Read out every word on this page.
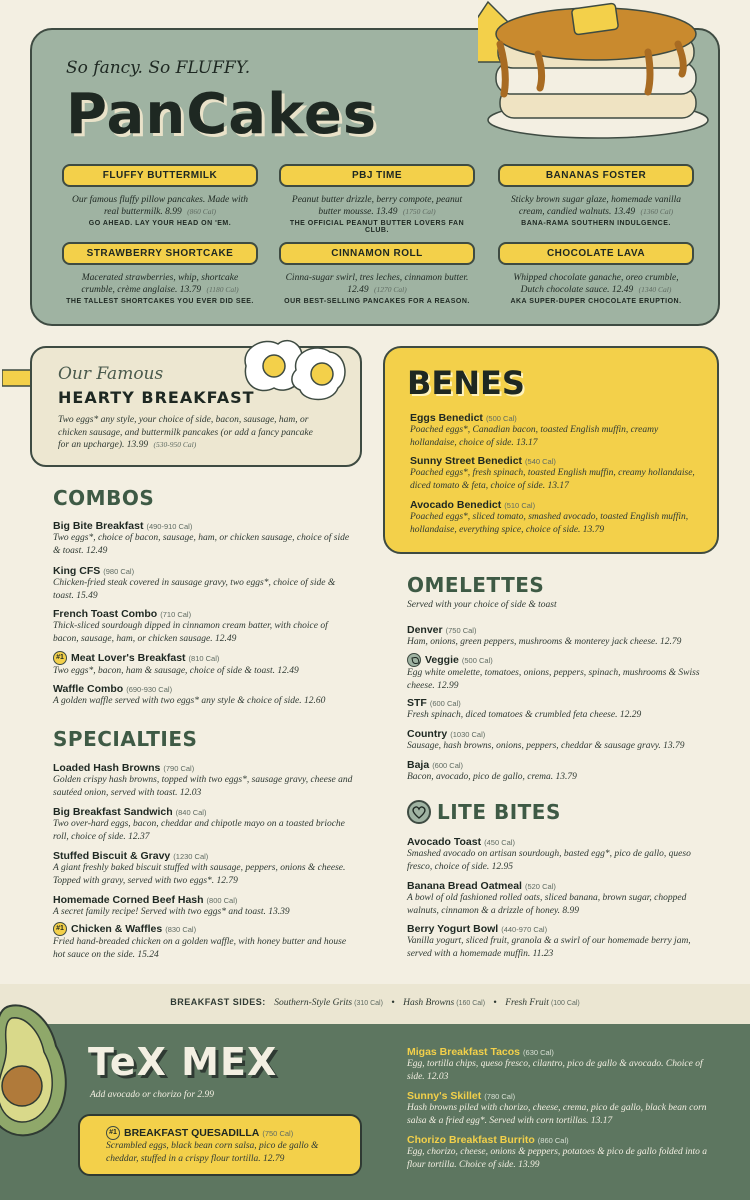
So fancy. So FLUFFY.
PanCakes
FLUFFY BUTTERMILK
Our famous fluffy pillow pancakes. Made with real buttermilk. 8.99 (860 Cal)
GO AHEAD. LAY YOUR HEAD ON 'EM.
PBJ TIME
Peanut butter drizzle, berry compote, peanut butter mousse. 13.49 (1750 Cal)
THE OFFICIAL PEANUT BUTTER LOVERS FAN CLUB.
BANANAS FOSTER
Sticky brown sugar glaze, homemade vanilla cream, candied walnuts. 13.49 (1360 Cal)
BANA-RAMA SOUTHERN INDULGENCE.
STRAWBERRY SHORTCAKE
Macerated strawberries, whip, shortcake crumble, crème anglaise. 13.79 (1180 Cal)
THE TALLEST SHORTCAKES YOU EVER DID SEE.
CINNAMON ROLL
Cinna-sugar swirl, tres leches, cinnamon butter. 12.49 (1270 Cal)
OUR BEST-SELLING PANCAKES FOR A REASON.
CHOCOLATE LAVA
Whipped chocolate ganache, oreo crumble, Dutch chocolate sauce. 12.49 (1340 Cal)
AKA SUPER-DUPER CHOCOLATE ERUPTION.
Our Famous
HEARTY BREAKFAST
Two eggs* any style, your choice of side, bacon, sausage, ham, or chicken sausage, and buttermilk pancakes (or add a fancy pancake for an upcharge). 13.99 (530-950 Cal)
BENES
Eggs Benedict (500 Cal)
Poached eggs*, Canadian bacon, toasted English muffin, creamy hollandaise, choice of side. 13.17
Sunny Street Benedict (540 Cal)
Poached eggs*, fresh spinach, toasted English muffin, creamy hollandaise, diced tomato & feta, choice of side. 13.17
Avocado Benedict (510 Cal)
Poached eggs*, sliced tomato, smashed avocado, toasted English muffin, hollandaise, everything spice, choice of side. 13.79
COMBOS
Big Bite Breakfast (490-910 Cal)
Two eggs*, choice of bacon, sausage, ham, or chicken sausage, choice of side & toast. 12.49
King CFS (980 Cal)
Chicken-fried steak covered in sausage gravy, two eggs*, choice of side & toast. 15.49
French Toast Combo (710 Cal)
Thick-sliced sourdough dipped in cinnamon cream batter, with choice of bacon, sausage, ham, or chicken sausage. 12.49
#1 Meat Lover's Breakfast (810 Cal)
Two eggs*, bacon, ham & sausage, choice of side & toast. 12.49
Waffle Combo (690-930 Cal)
A golden waffle served with two eggs* any style & choice of side. 12.60
SPECIALTIES
Loaded Hash Browns (790 Cal)
Golden crispy hash browns, topped with two eggs*, sausage gravy, cheese and sautéed onion, served with toast. 12.03
Big Breakfast Sandwich (840 Cal)
Two over-hard eggs, bacon, cheddar and chipotle mayo on a toasted brioche roll, choice of side. 12.37
Stuffed Biscuit & Gravy (1230 Cal)
A giant freshly baked biscuit stuffed with sausage, peppers, onions & cheese. Topped with gravy, served with two eggs*. 12.79
Homemade Corned Beef Hash (800 Cal)
A secret family recipe! Served with two eggs* and toast. 13.39
#1 Chicken & Waffles (830 Cal)
Fried hand-breaded chicken on a golden waffle, with honey butter and house hot sauce on the side. 15.24
OMELETTES
Served with your choice of side & toast
Denver (750 Cal)
Ham, onions, green peppers, mushrooms & monterey jack cheese. 12.79
Veggie (500 Cal)
Egg white omelette, tomatoes, onions, peppers, spinach, mushrooms & Swiss cheese. 12.99
STF (600 Cal)
Fresh spinach, diced tomatoes & crumbled feta cheese. 12.29
Country (1030 Cal)
Sausage, hash browns, onions, peppers, cheddar & sausage gravy. 13.79
Baja (600 Cal)
Bacon, avocado, pico de gallo, crema. 13.79
LITE BITES
Avocado Toast (450 Cal)
Smashed avocado on artisan sourdough, basted egg*, pico de gallo, queso fresco, choice of side. 12.95
Banana Bread Oatmeal (520 Cal)
A bowl of old fashioned rolled oats, sliced banana, brown sugar, chopped walnuts, cinnamon & a drizzle of honey. 8.99
Berry Yogurt Bowl (440-970 Cal)
Vanilla yogurt, sliced fruit, granola & a swirl of our homemade berry jam, served with a homemade muffin. 11.23
BREAKFAST SIDES: Southern-Style Grits (310 Cal) • Hash Browns (160 Cal) • Fresh Fruit (100 Cal)
TeX MEX
Add avocado or chorizo for 2.99
#1 BREAKFAST QUESADILLA (750 Cal)
Scrambled eggs, black bean corn salsa, pico de gallo & cheddar, stuffed in a crispy flour tortilla. 12.79
Migas Breakfast Tacos (630 Cal)
Egg, tortilla chips, queso fresco, cilantro, pico de gallo & avocado. Choice of side. 12.03
Sunny's Skillet (780 Cal)
Hash browns piled with chorizo, cheese, crema, pico de gallo, black bean corn salsa & a fried egg*. Served with corn tortillas. 13.17
Chorizo Breakfast Burrito (860 Cal)
Egg, chorizo, cheese, onions & peppers, potatoes & pico de gallo folded into a flour tortilla. Choice of side. 13.99
